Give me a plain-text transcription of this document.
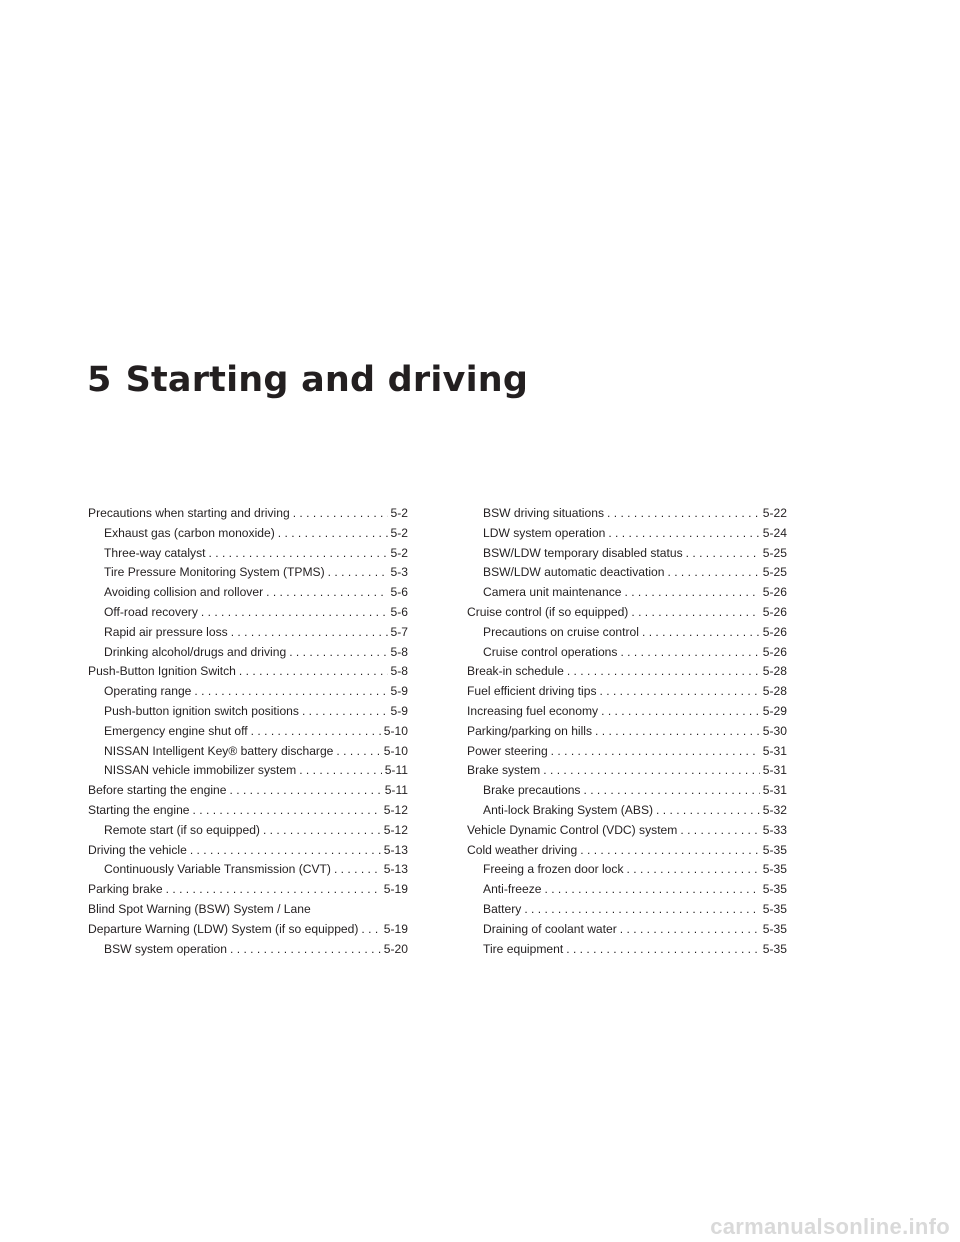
5 Starting and driving
Precautions when starting and driving . . .	5-2
Exhaust gas (carbon monoxide) . . .	5-2
Three-way catalyst . . .	5-2
Tire Pressure Monitoring System (TPMS) . . .	5-3
Avoiding collision and rollover . . .	5-6
Off-road recovery . . .	5-6
Rapid air pressure loss . . .	5-7
Drinking alcohol/drugs and driving . . .	5-8
Push-Button Ignition Switch . . .	5-8
Operating range . . .	5-9
Push-button ignition switch positions . . .	5-9
Emergency engine shut off . . .	5-10
NISSAN Intelligent Key® battery discharge . . .	5-10
NISSAN vehicle immobilizer system . . .	5-11
Before starting the engine . . .	5-11
Starting the engine . . .	5-12
Remote start (if so equipped) . . .	5-12
Driving the vehicle . . .	5-13
Continuously Variable Transmission (CVT) . . .	5-13
Parking brake . . .	5-19
Blind Spot Warning (BSW) System / Lane
Departure Warning (LDW) System (if so equipped) . . . 5-19
BSW system operation . . .	5-20
BSW driving situations . . .	5-22
LDW system operation . . .	5-24
BSW/LDW temporary disabled status . . .	5-25
BSW/LDW automatic deactivation . . .	5-25
Camera unit maintenance . . .	5-26
Cruise control (if so equipped) . . .	5-26
Precautions on cruise control . . .	5-26
Cruise control operations . . .	5-26
Break-in schedule . . .	5-28
Fuel efficient driving tips . . .	5-28
Increasing fuel economy . . .	5-29
Parking/parking on hills . . .	5-30
Power steering . . .	5-31
Brake system . . .	5-31
Brake precautions . . .	5-31
Anti-lock Braking System (ABS) . . .	5-32
Vehicle Dynamic Control (VDC) system . . .	5-33
Cold weather driving . . .	5-35
Freeing a frozen door lock . . .	5-35
Anti-freeze . . .	5-35
Battery . . .	5-35
Draining of coolant water . . .	5-35
Tire equipment . . .	5-35
carmanualsonline.info
